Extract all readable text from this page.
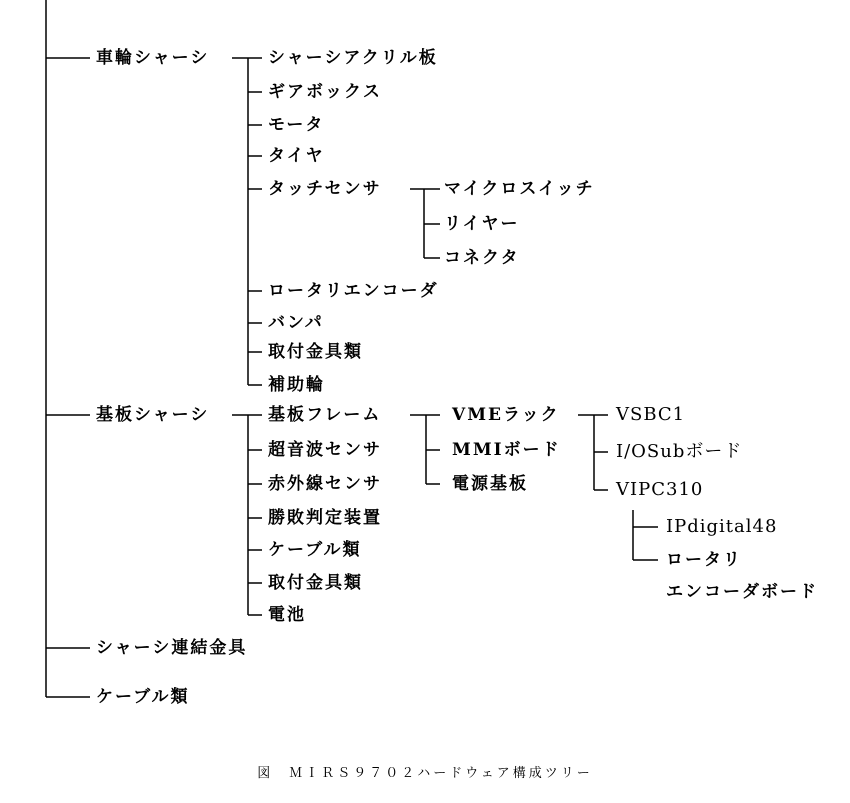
車輪シャーシ
基板シャーシ
シャーシ連結金具
ケーブル類
シャーシアクリル板
ギアボックス
モータ
タイヤ
タッチセンサ
ロータリエンコーダ
バンパ
取付金具類
補助輪
マイクロスイッチ
リイヤー
コネクタ
基板フレーム
超音波センサ
赤外線センサ
勝敗判定装置
ケーブル類
取付金具類
電池
VMEラック
MMIボード
電源基板
VSBC1
I/OSubボード
VIPC310
IPdigital48
ロータリ
エンコーダボード
図　ＭＩＲＳ９７０２ハードウェア構成ツリー
